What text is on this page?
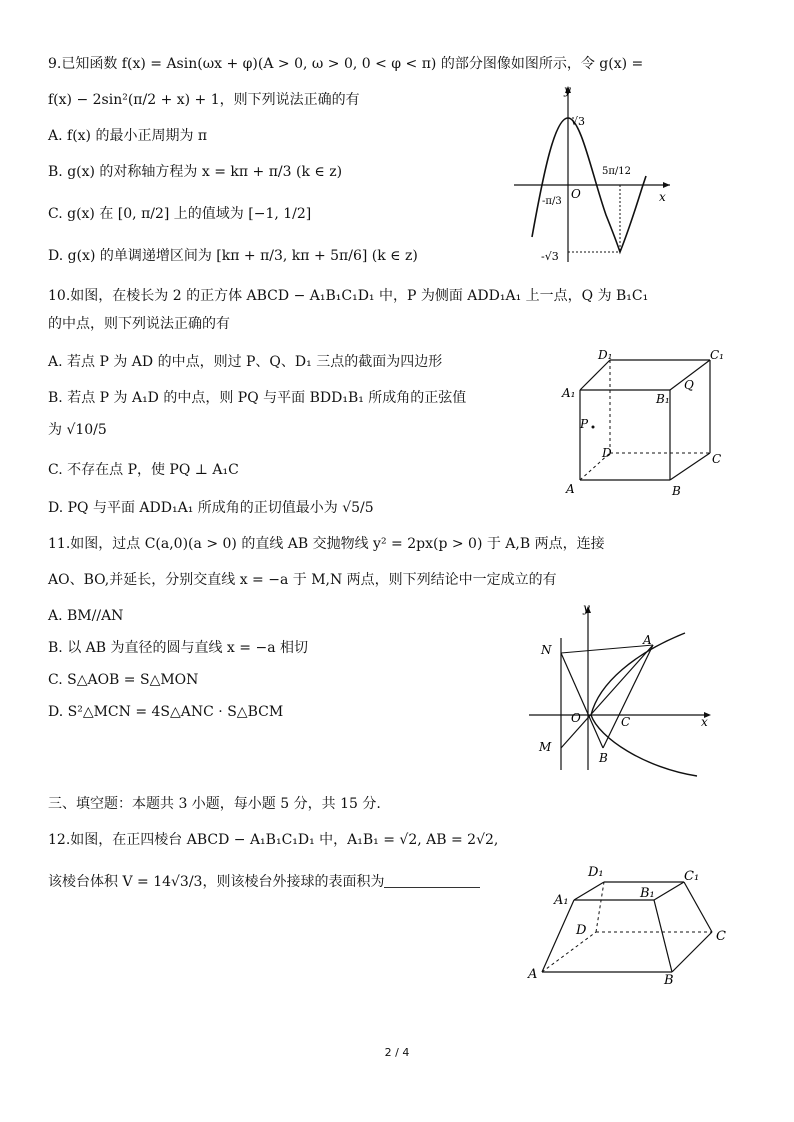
9.已知函数 f(x) = Asin(ωx + φ)(A > 0, ω > 0, 0 < φ < π) 的部分图像如图所示，令 g(x) =
f(x) − 2sin²(π/2 + x) + 1，则下列说法正确的有
A. f(x) 的最小正周期为 π
B. g(x) 的对称轴方程为 x = kπ + π/3 (k ∈ z)
C. g(x) 在 [0, π/2] 上的值域为 [−1, 1/2]
D. g(x) 的单调递增区间为 [kπ + π/3, kπ + 5π/6] (k ∈ z)
y
x
O
√3
-√3
-π/3
5π/12
10.如图，在棱长为 2 的正方体 ABCD − A₁B₁C₁D₁ 中，P 为侧面 ADD₁A₁ 上一点，Q 为 B₁C₁
的中点，则下列说法正确的有
A. 若点 P 为 AD 的中点，则过 P、Q、D₁ 三点的截面为四边形
B. 若点 P 为 A₁D 的中点，则 PQ 与平面 BDD₁B₁ 所成角的正弦值
为 √10/5
C. 不存在点 P，使 PQ ⊥ A₁C
D. PQ 与平面 ADD₁A₁ 所成角的正切值最小为 √5/5
D₁	C₁
A₁	B₁
Q
P
D	C
A	B
11.如图，过点 C(a,0)(a > 0) 的直线 AB 交抛物线 y² = 2px(p > 0) 于 A,B 两点，连接
AO、BO,并延长，分别交直线 x = −a 于 M,N 两点，则下列结论中一定成立的有
A. BM//AN
B. 以 AB 为直径的圆与直线 x = −a 相切
C. S△AOB = S△MON
D. S²△MCN = 4S△ANC · S△BCM
y
x
N
M
O
A
B
C
三、填空题：本题共 3 小题，每小题 5 分，共 15 分.
12.如图，在正四棱台 ABCD − A₁B₁C₁D₁ 中，A₁B₁ = √2, AB = 2√2,
该棱台体积 V = 14√3/3，则该棱台外接球的表面积为
D₁	C₁
A₁	B₁
D	C
A	B
2 / 4
